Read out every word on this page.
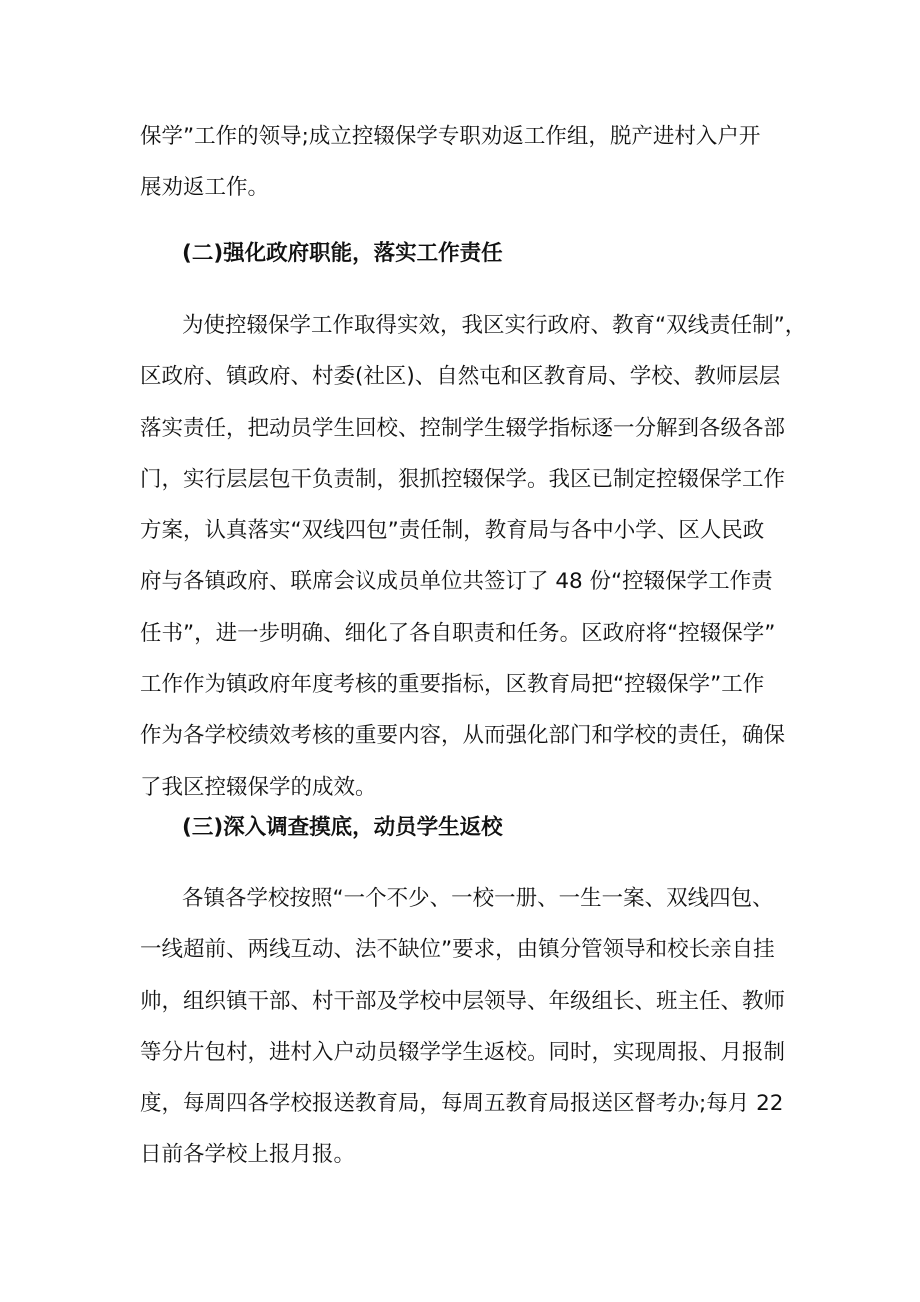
保学”工作的领导;成立控辍保学专职劝返工作组，脱产进村入户开
展劝返工作。
(二)强化政府职能，落实工作责任
为使控辍保学工作取得实效，我区实行政府、教育“双线责任制”，
区政府、镇政府、村委(社区)、自然屯和区教育局、学校、教师层层
落实责任，把动员学生回校、控制学生辍学指标逐一分解到各级各部
门，实行层层包干负责制，狠抓控辍保学。我区已制定控辍保学工作
方案，认真落实“双线四包”责任制，教育局与各中小学、区人民政
府与各镇政府、联席会议成员单位共签订了 48 份“控辍保学工作责
任书”，进一步明确、细化了各自职责和任务。区政府将“控辍保学”
工作作为镇政府年度考核的重要指标，区教育局把“控辍保学”工作
作为各学校绩效考核的重要内容，从而强化部门和学校的责任，确保
了我区控辍保学的成效。
(三)深入调查摸底，动员学生返校
各镇各学校按照“一个不少、一校一册、一生一案、双线四包、
一线超前、两线互动、法不缺位”要求，由镇分管领导和校长亲自挂
帅，组织镇干部、村干部及学校中层领导、年级组长、班主任、教师
等分片包村，进村入户动员辍学学生返校。同时，实现周报、月报制
度，每周四各学校报送教育局，每周五教育局报送区督考办;每月 22
日前各学校上报月报。
